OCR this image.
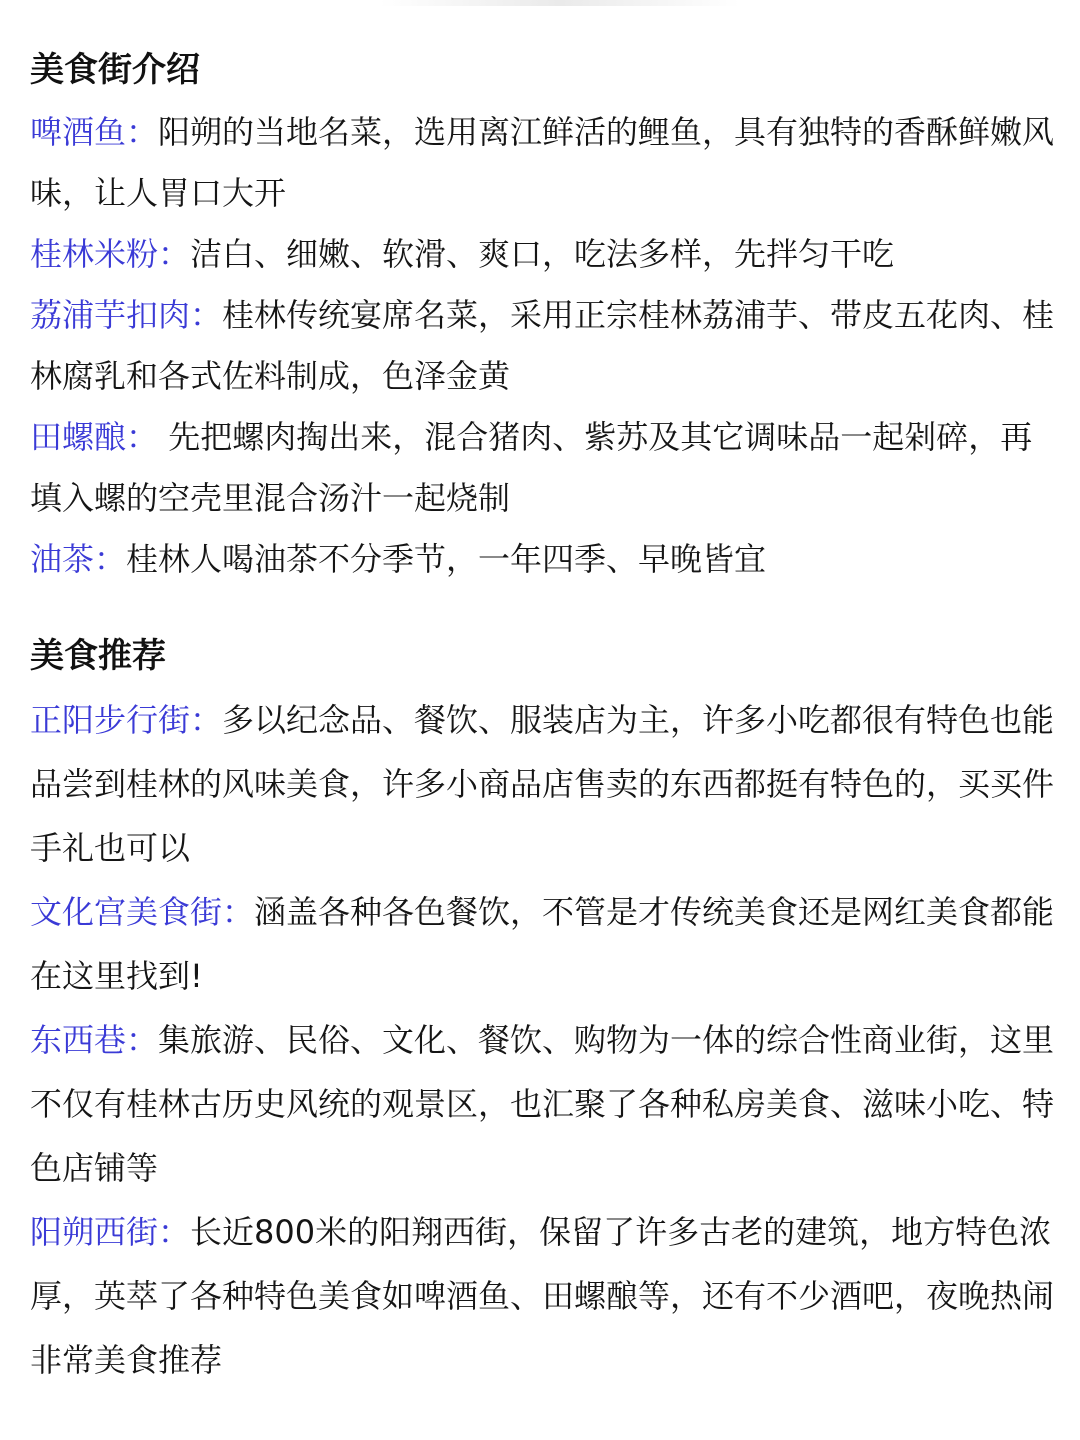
美食街介绍

啤酒鱼：阳朔的当地名菜，选用离江鲜活的鲤鱼，具有独特的香酥鲜嫩风味，让人胃口大开

桂林米粉：洁白、细嫩、软滑、爽口，吃法多样，先拌匀干吃

荔浦芋扣肉：桂林传统宴席名菜，采用正宗桂林荔浦芋、带皮五花肉、桂林腐乳和各式佐料制成，色泽金黄

田螺酿： 先把螺肉掏出来，混合猪肉、紫苏及其它调味品一起剁碎，再填入螺的空壳里混合汤汁一起烧制

油茶：桂林人喝油茶不分季节，一年四季、早晚皆宜

美食推荐

正阳步行街：多以纪念品、餐饮、服装店为主，许多小吃都很有特色也能品尝到桂林的风味美食，许多小商品店售卖的东西都挺有特色的，买买件手礼也可以

文化宫美食街：涵盖各种各色餐饮，不管是才传统美食还是网红美食都能在这里找到!

东西巷：集旅游、民俗、文化、餐饮、购物为一体的综合性商业街，这里不仅有桂林古历史风统的观景区，也汇聚了各种私房美食、滋味小吃、特色店铺等

阳朔西街：长近800米的阳翔西街，保留了许多古老的建筑，地方特色浓厚，英萃了各种特色美食如啤酒鱼、田螺酿等，还有不少酒吧，夜晚热闹非常美食推荐
